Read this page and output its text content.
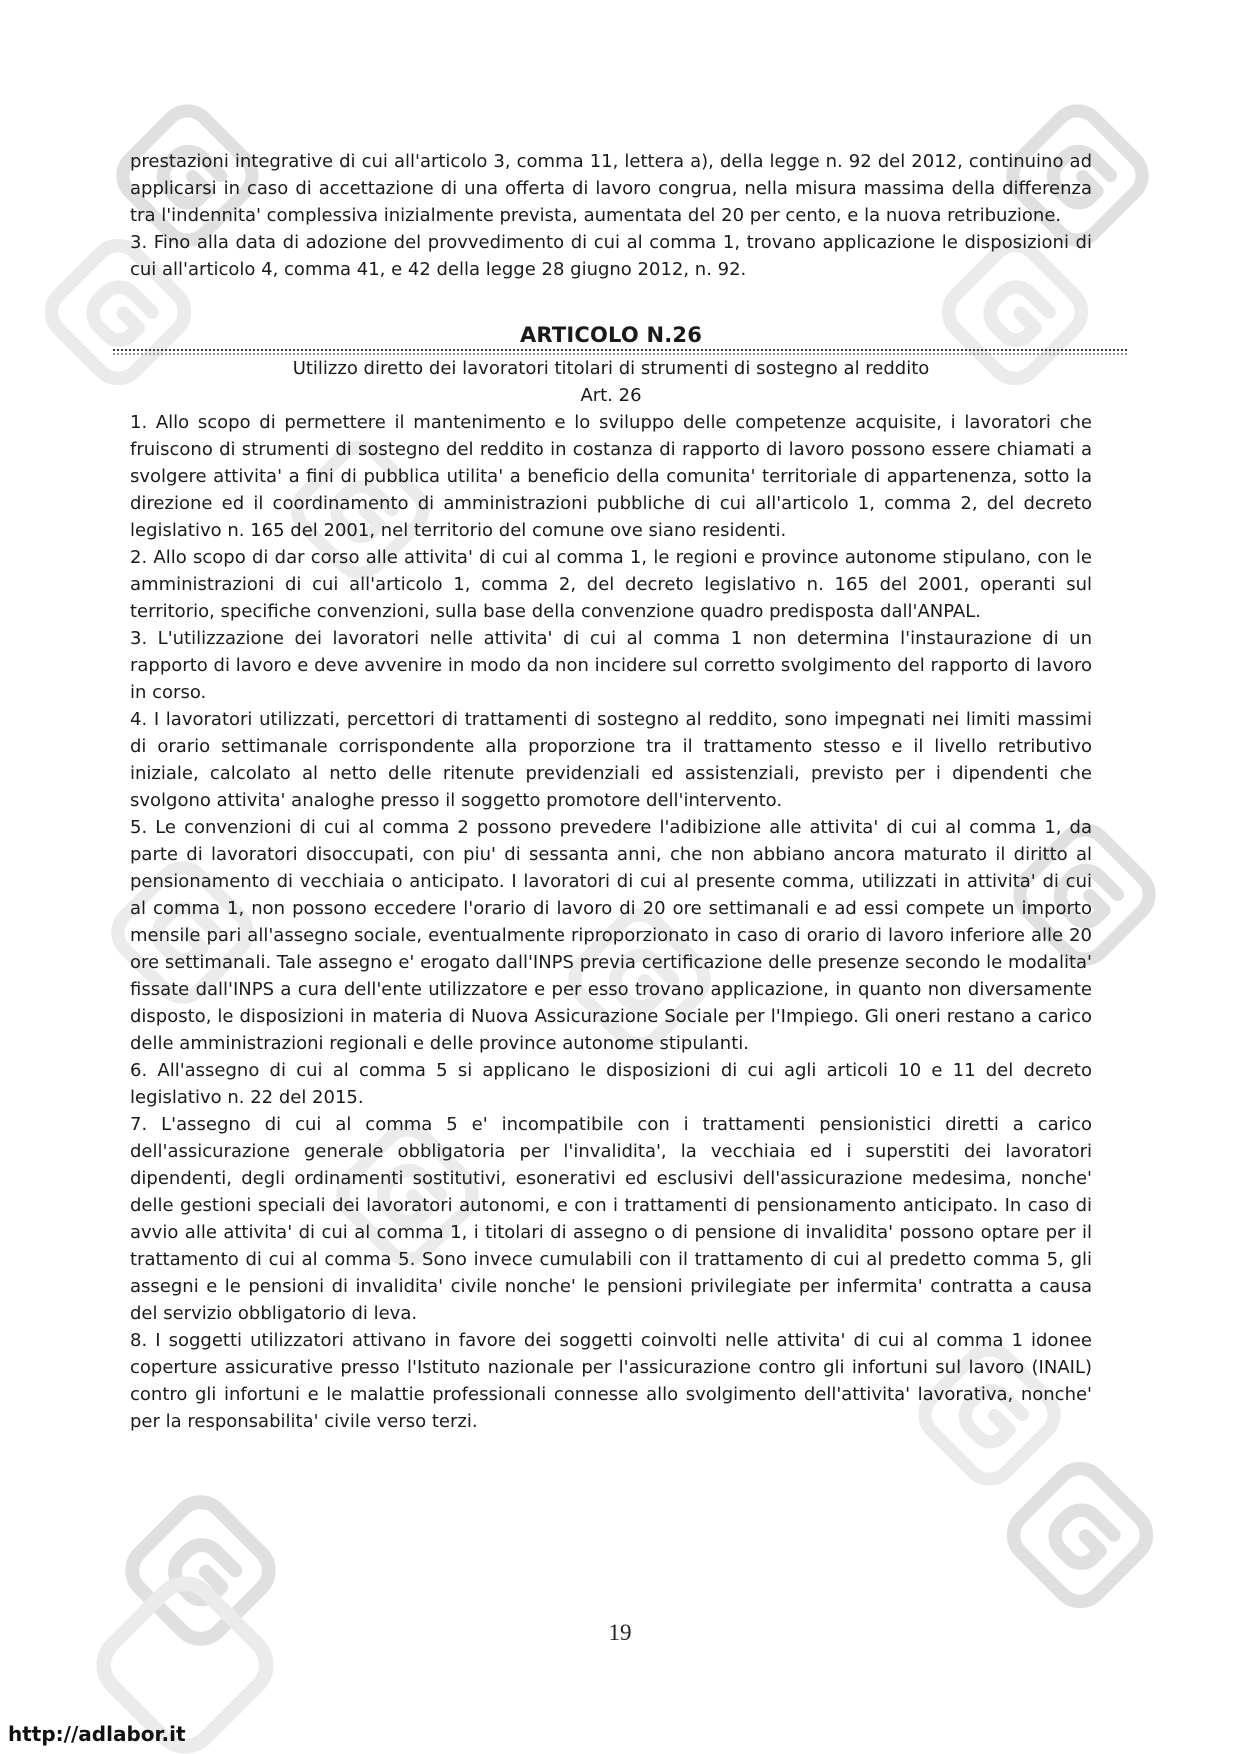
prestazioni integrative di cui all'articolo 3, comma 11, lettera a), della legge n. 92 del 2012, continuino ad applicarsi in caso di accettazione di una offerta di lavoro congrua, nella misura massima della differenza tra l'indennita' complessiva inizialmente prevista, aumentata del 20 per cento, e la nuova retribuzione.

3. Fino alla data di adozione del provvedimento di cui al comma 1, trovano applicazione le disposizioni di cui all'articolo 4, comma 41, e 42 della legge 28 giugno 2012, n. 92.

ARTICOLO N.26

Utilizzo diretto dei lavoratori titolari di strumenti di sostegno al reddito

Art. 26

1. Allo scopo di permettere il mantenimento e lo sviluppo delle competenze acquisite, i lavoratori che fruiscono di strumenti di sostegno del reddito in costanza di rapporto di lavoro possono essere chiamati a svolgere attivita' a fini di pubblica utilita' a beneficio della comunita' territoriale di appartenenza, sotto la direzione ed il coordinamento di amministrazioni pubbliche di cui all'articolo 1, comma 2, del decreto legislativo n. 165 del 2001, nel territorio del comune ove siano residenti.

2. Allo scopo di dar corso alle attivita' di cui al comma 1, le regioni e province autonome stipulano, con le amministrazioni di cui all'articolo 1, comma 2, del decreto legislativo n. 165 del 2001, operanti sul territorio, specifiche convenzioni, sulla base della convenzione quadro predisposta dall'ANPAL.

3. L'utilizzazione dei lavoratori nelle attivita' di cui al comma 1 non determina l'instaurazione di un rapporto di lavoro e deve avvenire in modo da non incidere sul corretto svolgimento del rapporto di lavoro in corso.

4. I lavoratori utilizzati, percettori di trattamenti di sostegno al reddito, sono impegnati nei limiti massimi di orario settimanale corrispondente alla proporzione tra il trattamento stesso e il livello retributivo iniziale, calcolato al netto delle ritenute previdenziali ed assistenziali, previsto per i dipendenti che svolgono attivita' analoghe presso il soggetto promotore dell'intervento.

5. Le convenzioni di cui al comma 2 possono prevedere l'adibizione alle attivita' di cui al comma 1, da parte di lavoratori disoccupati, con piu' di sessanta anni, che non abbiano ancora maturato il diritto al pensionamento di vecchiaia o anticipato. I lavoratori di cui al presente comma, utilizzati in attivita' di cui al comma 1, non possono eccedere l'orario di lavoro di 20 ore settimanali e ad essi compete un importo mensile pari all'assegno sociale, eventualmente riproporzionato in caso di orario di lavoro inferiore alle 20 ore settimanali. Tale assegno e' erogato dall'INPS previa certificazione delle presenze secondo le modalita' fissate dall'INPS a cura dell'ente utilizzatore e per esso trovano applicazione, in quanto non diversamente disposto, le disposizioni in materia di Nuova Assicurazione Sociale per l'Impiego. Gli oneri restano a carico delle amministrazioni regionali e delle province autonome stipulanti.

6. All'assegno di cui al comma 5 si applicano le disposizioni di cui agli articoli 10 e 11 del decreto legislativo n. 22 del 2015.

7. L'assegno di cui al comma 5 e' incompatibile con i trattamenti pensionistici diretti a carico dell'assicurazione generale obbligatoria per l'invalidita', la vecchiaia ed i superstiti dei lavoratori dipendenti, degli ordinamenti sostitutivi, esonerativi ed esclusivi dell'assicurazione medesima, nonche' delle gestioni speciali dei lavoratori autonomi, e con i trattamenti di pensionamento anticipato. In caso di avvio alle attivita' di cui al comma 1, i titolari di assegno o di pensione di invalidita' possono optare per il trattamento di cui al comma 5. Sono invece cumulabili con il trattamento di cui al predetto comma 5, gli assegni e le pensioni di invalidita' civile nonche' le pensioni privilegiate per infermita' contratta a causa del servizio obbligatorio di leva.

8. I soggetti utilizzatori attivano in favore dei soggetti coinvolti nelle attivita' di cui al comma 1 idonee coperture assicurative presso l'Istituto nazionale per l'assicurazione contro gli infortuni sul lavoro (INAIL) contro gli infortuni e le malattie professionali connesse allo svolgimento dell'attivita' lavorativa, nonche' per la responsabilita' civile verso terzi.

19
http://adlabor.it
